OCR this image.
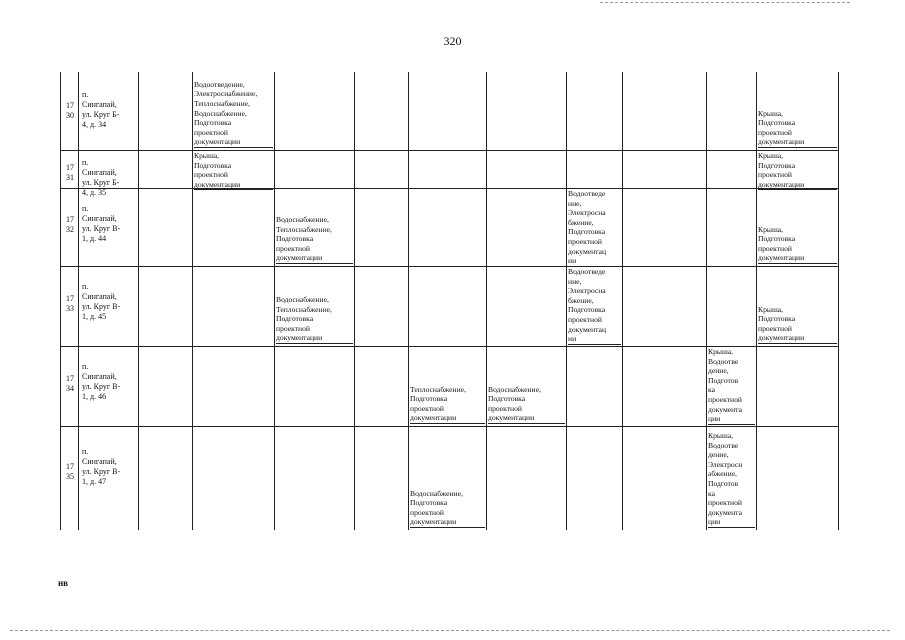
320
17
30
п.
Сингапай,
ул. Круг Б-
4, д. 34
Водоотведение,
Электроснабжение,
Теплоснабжение,
Водоснабжение,
Подготовка
проектной
документации
Крыша,
Подготовка
проектной
документации
17
31
п.
Сингапай,
ул. Круг Б-
4, д. 35
Крыша,
Подготовка
проектной
документации
Крыша,
Подготовка
проектной
документации
17
32
п.
Сингапай,
ул. Круг В-
1, д. 44
Водоснабжение,
Теплоснабжение,
Подготовка
проектной
документации
Водоотведе
ние,
Электросна
бжение,
Подготовка
проектной
документац
ии
Крыша,
Подготовка
проектной
документации
17
33
п.
Сингапай,
ул. Круг В-
1, д. 45
Водоснабжение,
Теплоснабжение,
Подготовка
проектной
документации
Водоотведе
ние,
Электросна
бжение,
Подготовка
проектной
документац
ии
Крыша,
Подготовка
проектной
документации
17
34
п.
Сингапай,
ул. Круг В-
1, д. 46
Теплоснабжение,
Подготовка
проектной
документации
Водоснабжение,
Подготовка
проектной
документации
Крыша,
Водоотве
дение,
Подготов
ка
проектной
документа
ции
17
35
п.
Сингапай,
ул. Круг В-
1, д. 47
Водоснабжение,
Подготовка
проектной
документации
Крыша,
Водоотве
дение,
Электросн
абжение,
Подготов
ка
проектной
документа
ции
нв
